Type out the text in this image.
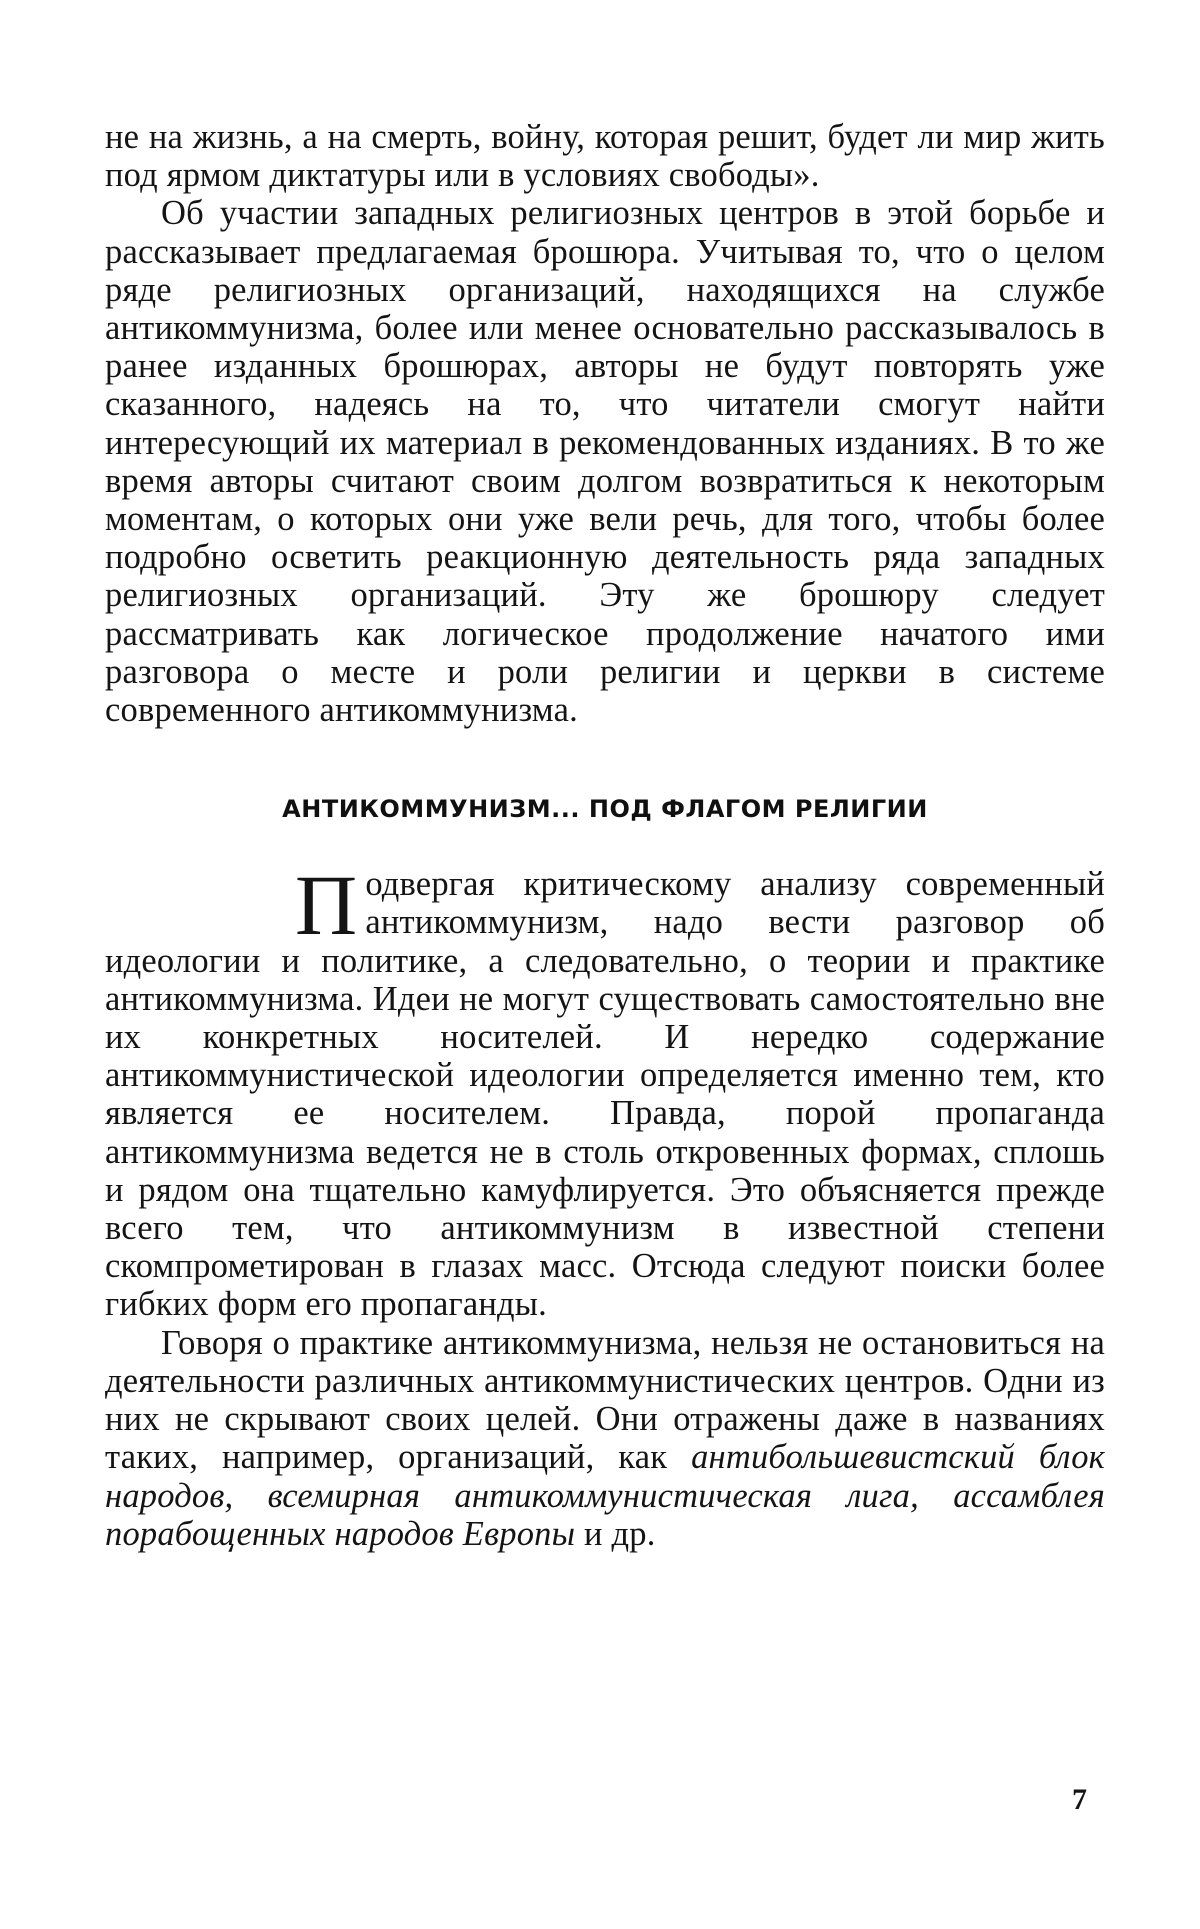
не на жизнь, а на смерть, войну, которая решит, будет ли мир жить под ярмом диктатуры или в условиях свободы».

Об участии западных религиозных центров в этой борьбе и рассказывает предлагаемая брошюра. Учитывая то, что о целом ряде религиозных организаций, находящихся на службе антикоммунизма, более или менее основательно рассказывалось в ранее изданных брошюрах, авторы не будут повторять уже сказанного, надеясь на то, что читатели смогут найти интересующий их материал в рекомендованных изданиях. В то же время авторы считают своим долгом возвратиться к некоторым моментам, о которых они уже вели речь, для того, чтобы более подробно осветить реакционную деятельность ряда западных религиозных организаций. Эту же брошюру следует рассматривать как логическое продолжение начатого ими разговора о месте и роли религии и церкви в системе современного антикоммунизма.

АНТИКОММУНИЗМ... ПОД ФЛАГОМ РЕЛИГИИ

Подвергая критическому анализу современный антикоммунизм, надо вести разговор об идеологии и политике, а следовательно, о теории и практике антикоммунизма. Идеи не могут существовать самостоятельно вне их конкретных носителей. И нередко содержание антикоммунистической идеологии определяется именно тем, кто является ее носителем. Правда, порой пропаганда антикоммунизма ведется не в столь откровенных формах, сплошь и рядом она тщательно камуфлируется. Это объясняется прежде всего тем, что антикоммунизм в известной степени скомпрометирован в глазах масс. Отсюда следуют поиски более гибких форм его пропаганды.

Говоря о практике антикоммунизма, нельзя не остановиться на деятельности различных антикоммунистических центров. Одни из них не скрывают своих целей. Они отражены даже в названиях таких, например, организаций, как антибольшевистский блок народов, всемирная антикоммунистическая лига, ассамблея порабощенных народов Европы и др.

7
